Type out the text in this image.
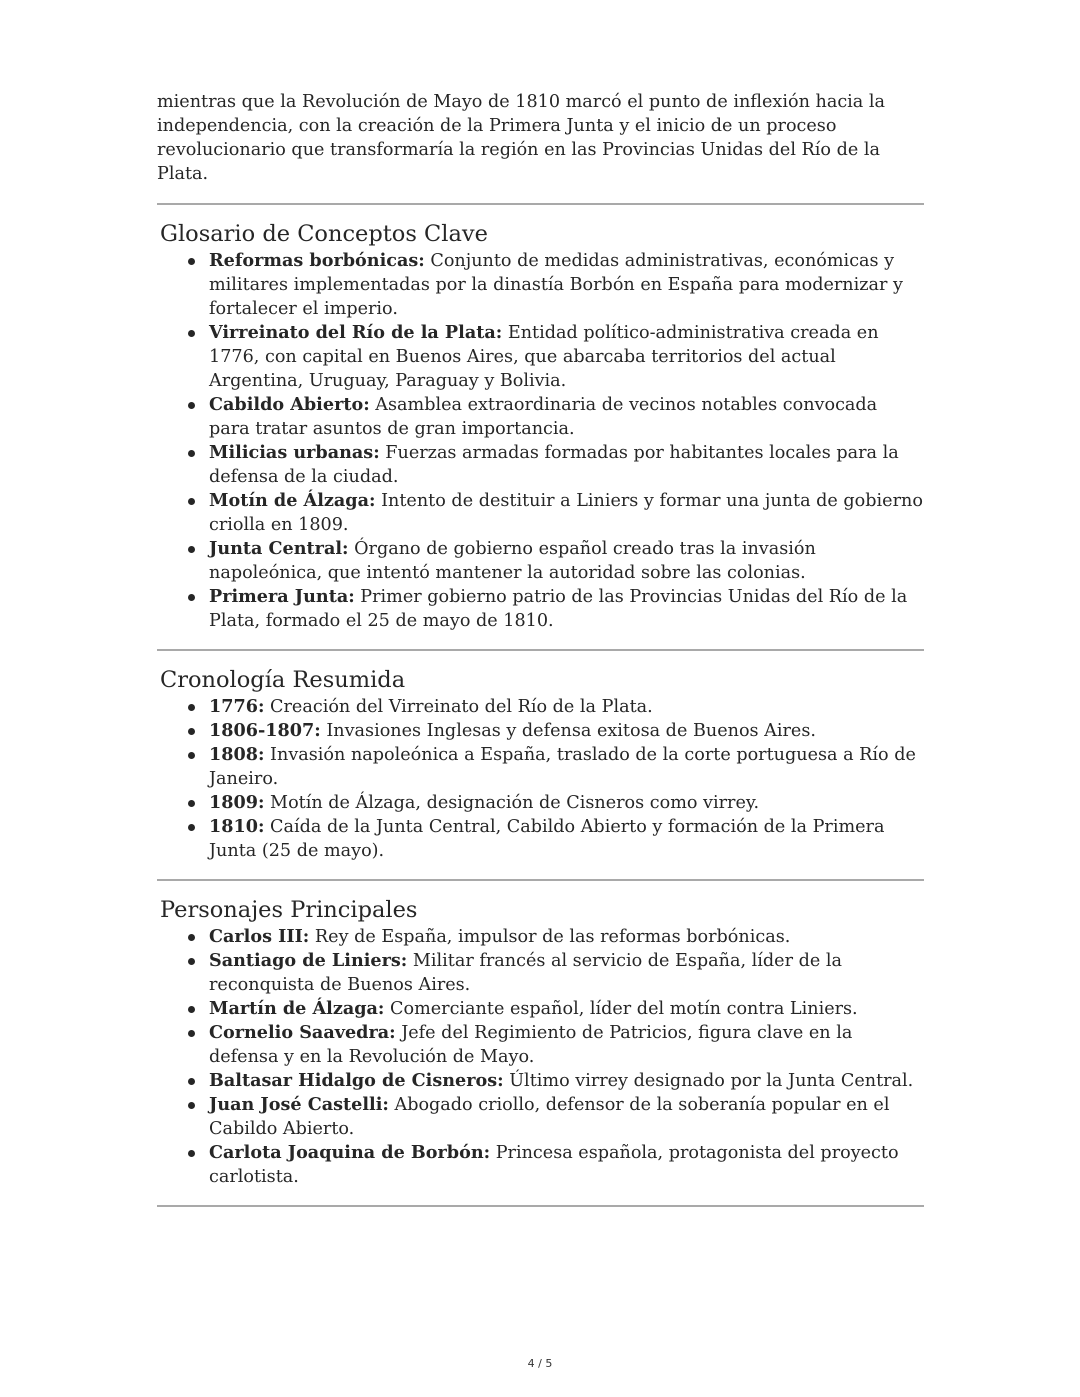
mientras que la Revolución de Mayo de 1810 marcó el punto de inflexión hacia la independencia, con la creación de la Primera Junta y el inicio de un proceso revolucionario que transformaría la región en las Provincias Unidas del Río de la Plata.

Glosario de Conceptos Clave
Reformas borbónicas: Conjunto de medidas administrativas, económicas y militares implementadas por la dinastía Borbón en España para modernizar y fortalecer el imperio.
Virreinato del Río de la Plata: Entidad político-administrativa creada en 1776, con capital en Buenos Aires, que abarcaba territorios del actual Argentina, Uruguay, Paraguay y Bolivia.
Cabildo Abierto: Asamblea extraordinaria de vecinos notables convocada para tratar asuntos de gran importancia.
Milicias urbanas: Fuerzas armadas formadas por habitantes locales para la defensa de la ciudad.
Motín de Álzaga: Intento de destituir a Liniers y formar una junta de gobierno criolla en 1809.
Junta Central: Órgano de gobierno español creado tras la invasión napoleónica, que intentó mantener la autoridad sobre las colonias.
Primera Junta: Primer gobierno patrio de las Provincias Unidas del Río de la Plata, formado el 25 de mayo de 1810.
Cronología Resumida
1776: Creación del Virreinato del Río de la Plata.
1806-1807: Invasiones Inglesas y defensa exitosa de Buenos Aires.
1808: Invasión napoleónica a España, traslado de la corte portuguesa a Río de Janeiro.
1809: Motín de Álzaga, designación de Cisneros como virrey.
1810: Caída de la Junta Central, Cabildo Abierto y formación de la Primera Junta (25 de mayo).
Personajes Principales
Carlos III: Rey de España, impulsor de las reformas borbónicas.
Santiago de Liniers: Militar francés al servicio de España, líder de la reconquista de Buenos Aires.
Martín de Álzaga: Comerciante español, líder del motín contra Liniers.
Cornelio Saavedra: Jefe del Regimiento de Patricios, figura clave en la defensa y en la Revolución de Mayo.
Baltasar Hidalgo de Cisneros: Último virrey designado por la Junta Central.
Juan José Castelli: Abogado criollo, defensor de la soberanía popular en el Cabildo Abierto.
Carlota Joaquina de Borbón: Princesa española, protagonista del proyecto carlotista.
4 / 5
